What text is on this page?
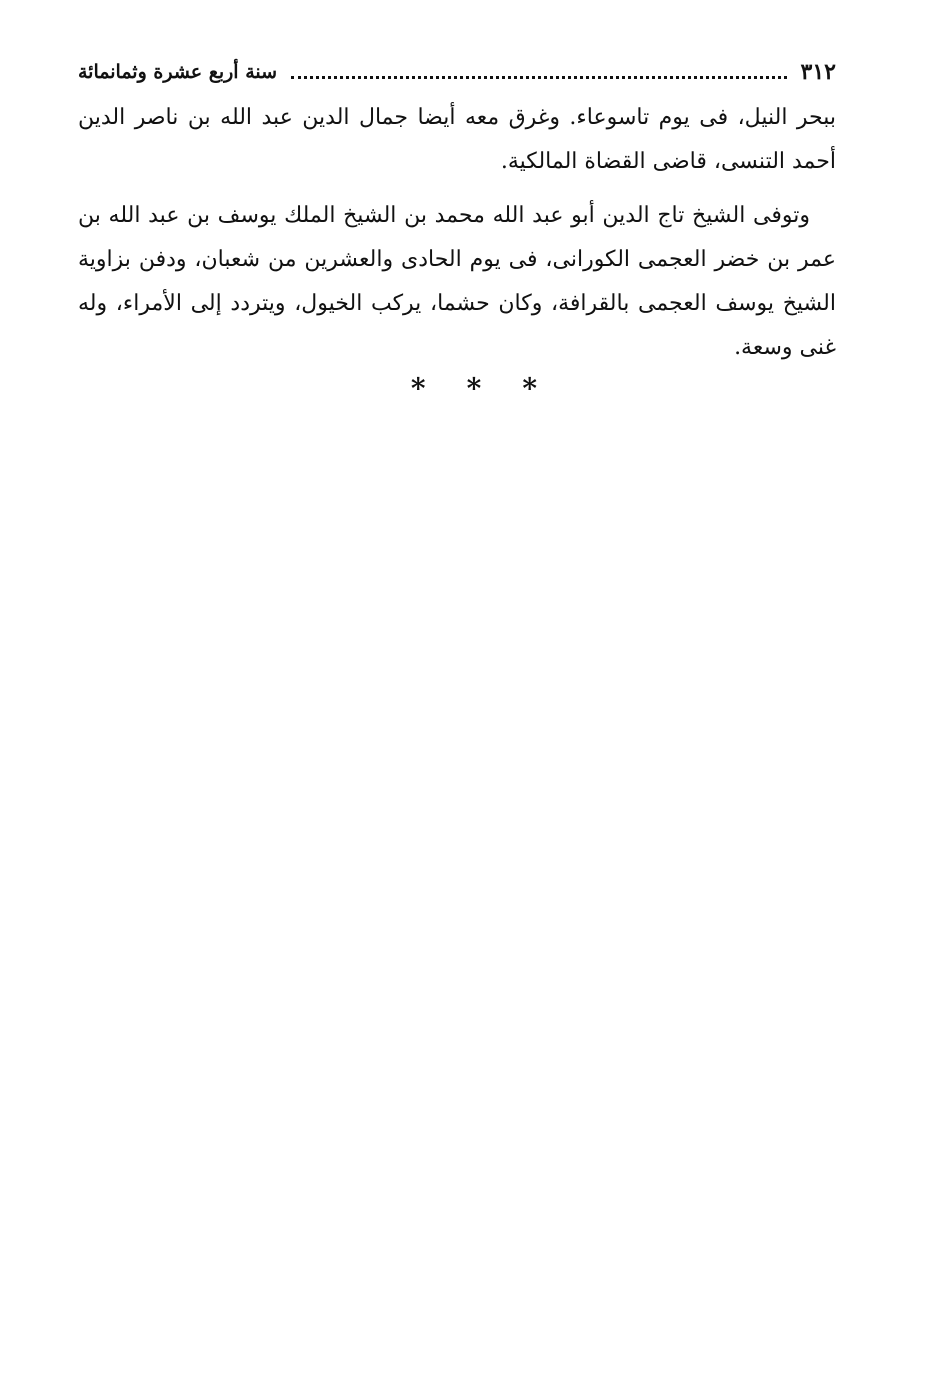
٣١٢
سنة أربع عشرة وثمانمائة

ببحر النيل، فى يوم تاسوعاء. وغرق معه أيضا جمال الدين عبد الله بن ناصر الدين أحمد التنسى، قاضى القضاة المالكية.

وتوفى الشيخ تاج الدين أبو عبد الله محمد بن الشيخ الملك يوسف بن عبد الله بن عمر بن خضر العجمى الكورانى، فى يوم الحادى والعشرين من شعبان، ودفن بزاوية الشيخ يوسف العجمى بالقرافة، وكان حشما، يركب الخيول، ويتردد إلى الأمراء، وله غنى وسعة.

* * *
